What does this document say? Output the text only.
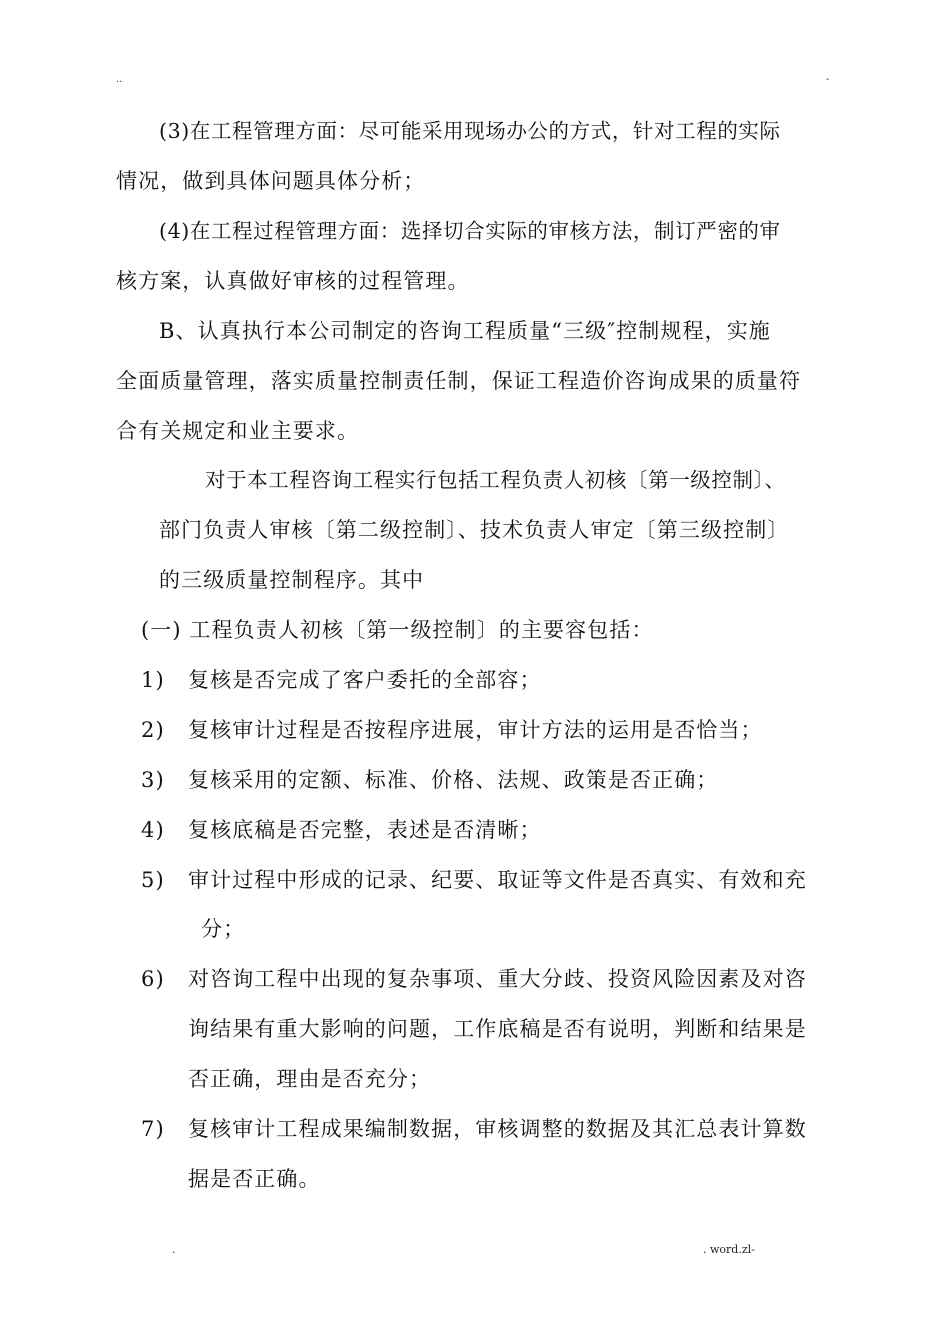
..	-
(3)在工程管理方面：尽可能采用现场办公的方式，针对工程的实际
情况，做到具体问题具体分析；
(4)在工程过程管理方面：选择切合实际的审核方法，制订严密的审
核方案，认真做好审核的过程管理。
B、认真执行本公司制定的咨询工程质量“三级″控制规程，实施
全面质量管理，落实质量控制责任制，保证工程造价咨询成果的质量符
合有关规定和业主要求。
对于本工程咨询工程实行包括工程负责人初核〔第一级控制〕、
部门负责人审核〔第二级控制〕、技术负责人审定〔第三级控制〕
的三级质量控制程序。其中
(一) 工程负责人初核〔第一级控制〕的主要容包括：
1) 复核是否完成了客户委托的全部容；
2) 复核审计过程是否按程序进展，审计方法的运用是否恰当；
3) 复核采用的定额、标准、价格、法规、政策是否正确；
4) 复核底稿是否完整，表述是否清晰；
5) 审计过程中形成的记录、纪要、取证等文件是否真实、有效和充
分；
6) 对咨询工程中出现的复杂事项、重大分歧、投资风险因素及对咨
询结果有重大影响的问题，工作底稿是否有说明，判断和结果是
否正确，理由是否充分；
7) 复核审计工程成果编制数据，审核调整的数据及其汇总表计算数
据是否正确。
.	. word.zl-
